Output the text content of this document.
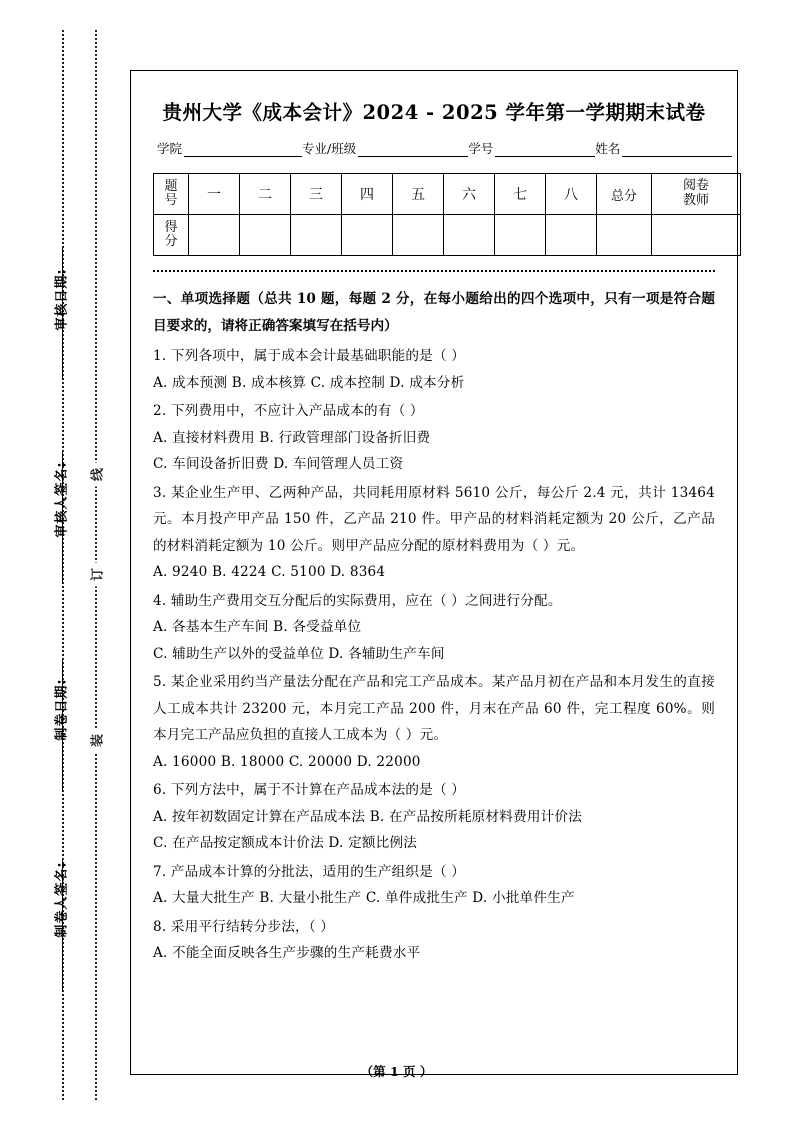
审核日期:
审核人签名:
制卷日期:
制卷人签名:
线
订
装
贵州大学《成本会计》2024 - 2025 学年第一学期期末试卷
学院	专业/班级	学号	姓名
题
号	一	二	三	四	五	六	七	八	总分	阅卷
教师

得
分										

一、单项选择题（总共 10 题，每题 2 分，在每小题给出的四个选项中，只有一项是符合题目要求的，请将正确答案填写在括号内）
1. 下列各项中，属于成本会计最基础职能的是（ ）
A. 成本预测 B. 成本核算 C. 成本控制 D. 成本分析
2. 下列费用中，不应计入产品成本的有（ ）
A. 直接材料费用 B. 行政管理部门设备折旧费
C. 车间设备折旧费 D. 车间管理人员工资
3. 某企业生产甲、乙两种产品，共同耗用原材料 5610 公斤，每公斤 2.4 元，共计 13464 元。本月投产甲产品 150 件，乙产品 210 件。甲产品的材料消耗定额为 20 公斤，乙产品的材料消耗定额为 10 公斤。则甲产品应分配的原材料费用为（ ）元。
A. 9240 B. 4224 C. 5100 D. 8364
4. 辅助生产费用交互分配后的实际费用，应在（ ）之间进行分配。
A. 各基本生产车间 B. 各受益单位
C. 辅助生产以外的受益单位 D. 各辅助生产车间
5. 某企业采用约当产量法分配在产品和完工产品成本。某产品月初在产品和本月发生的直接人工成本共计 23200 元，本月完工产品 200 件，月末在产品 60 件，完工程度 60%。则本月完工产品应负担的直接人工成本为（ ）元。
A. 16000 B. 18000 C. 20000 D. 22000
6. 下列方法中，属于不计算在产品成本法的是（ ）
A. 按年初数固定计算在产品成本法 B. 在产品按所耗原材料费用计价法
C. 在产品按定额成本计价法 D. 定额比例法
7. 产品成本计算的分批法，适用的生产组织是（ ）
A. 大量大批生产 B. 大量小批生产 C. 单件成批生产 D. 小批单件生产
8. 采用平行结转分步法，（ ）
A. 不能全面反映各生产步骤的生产耗费水平
（第 1 页 ）
